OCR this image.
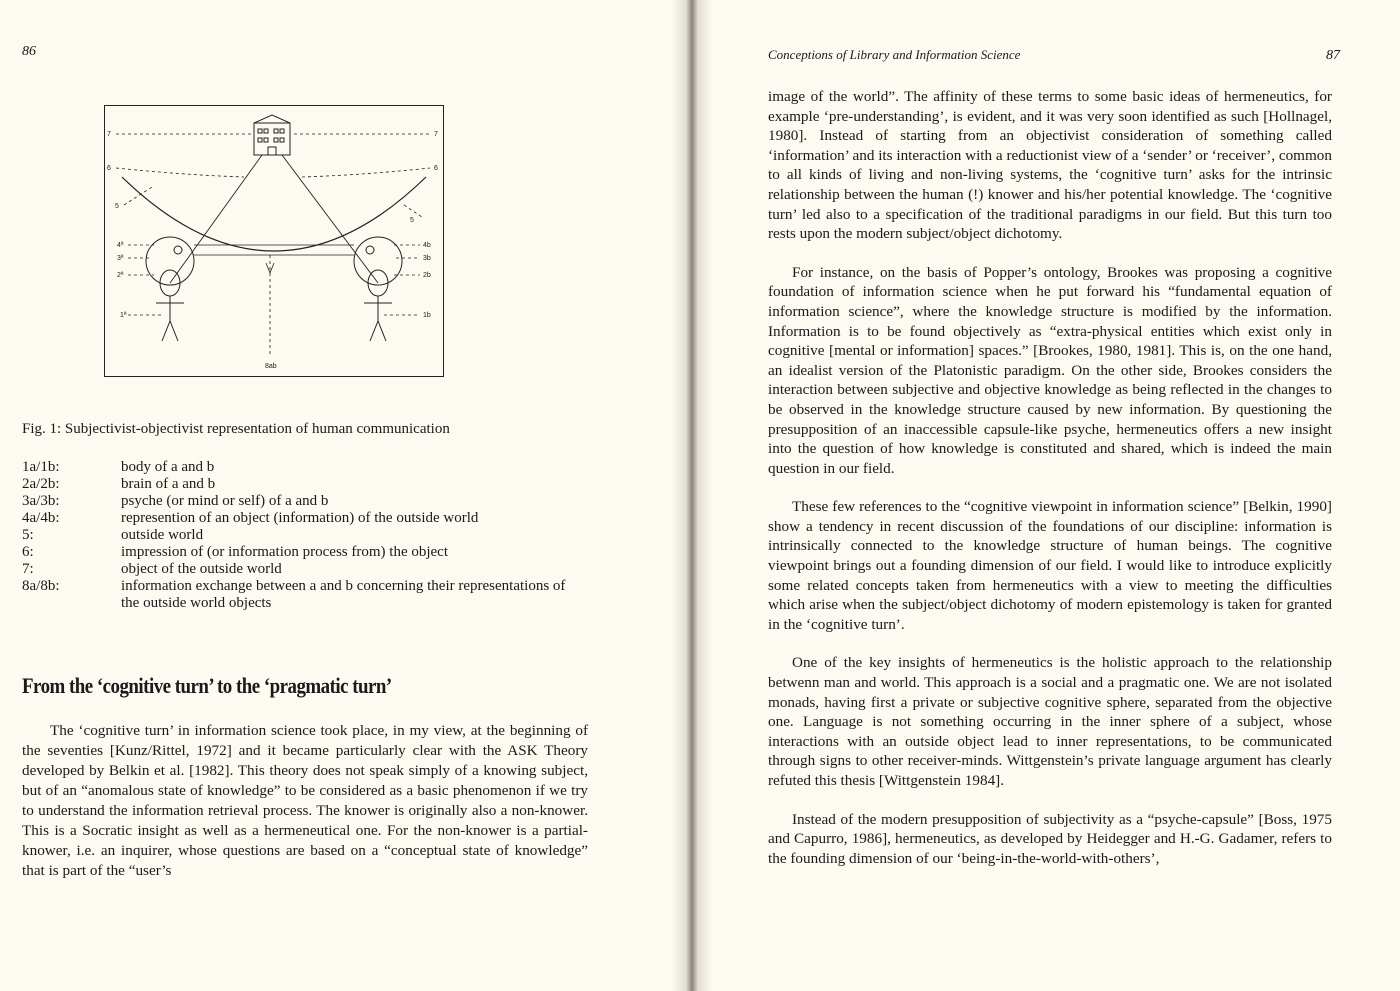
86
7
6
5
4ª
3ª
2ª
1ª
7
6
5
4b
3b
2b
1b
8ab
Fig. 1: Subjectivist-objectivist representation of human communication
1a/1b:	body of a and b
2a/2b:	brain of a and b
3a/3b:	psyche (or mind or self) of a and b
4a/4b:	represention of an object (information) of the outside world
5:	outside world
6:	impression of (or information process from) the object
7:	object of the outside world
8a/8b:	information exchange between a and b concerning their representations of the outside world objects
From the ‘cognitive turn’ to the ‘pragmatic turn’

The ‘cognitive turn’ in information science took place, in my view, at the beginning of the seventies [Kunz/Rittel, 1972] and it became particularly clear with the ASK Theory developed by Belkin et al. [1982]. This theory does not speak simply of a knowing subject, but of an “anomalous state of knowledge” to be considered as a basic phenomenon if we try to understand the information retrieval process. The knower is originally also a non-knower. This is a Socratic insight as well as a hermeneutical one. For the non-knower is a partial-knower, i.e. an inquirer, whose questions are based on a “conceptual state of knowledge” that is part of the “user’s

Conceptions of Library and Information Science	87

image of the world”. The affinity of these terms to some basic ideas of hermeneutics, for example ‘pre-understanding’, is evident, and it was very soon identified as such [Hollnagel, 1980]. Instead of starting from an objectivist consideration of something called ‘information’ and its interaction with a reductionist view of a ‘sender’ or ‘receiver’, common to all kinds of living and non-living systems, the ‘cognitive turn’ asks for the intrinsic relationship between the human (!) knower and his/her potential knowledge. The ‘cognitive turn’ led also to a specification of the traditional paradigms in our field. But this turn too rests upon the modern subject/object dichotomy.

For instance, on the basis of Popper’s ontology, Brookes was proposing a cognitive foundation of information science when he put forward his “fundamental equation of information science”, where the knowledge structure is modified by the information. Information is to be found objectively as “extra-physical entities which exist only in cognitive [mental or information] spaces.” [Brookes, 1980, 1981]. This is, on the one hand, an idealist version of the Platonistic paradigm. On the other side, Brookes considers the interaction between subjective and objective knowledge as being reflected in the changes to be observed in the knowledge structure caused by new information. By questioning the presupposition of an inaccessible capsule-like psyche, hermeneutics offers a new insight into the question of how knowledge is constituted and shared, which is indeed the main question in our field.

These few references to the “cognitive viewpoint in information science” [Belkin, 1990] show a tendency in recent discussion of the foundations of our discipline: information is intrinsically connected to the knowledge structure of human beings. The cognitive viewpoint brings out a founding dimension of our field. I would like to introduce explicitly some related concepts taken from hermeneutics with a view to meeting the difficulties which arise when the subject/object dichotomy of modern epistemology is taken for granted in the ‘cognitive turn’.

One of the key insights of hermeneutics is the holistic approach to the relationship betwenn man and world. This approach is a social and a pragmatic one. We are not isolated monads, having first a private or subjective cognitive sphere, separated from the objective one. Language is not something occurring in the inner sphere of a subject, whose interactions with an outside object lead to inner representations, to be communicated through signs to other receiver-minds. Wittgenstein’s private language argument has clearly refuted this thesis [Wittgenstein 1984].

Instead of the modern presupposition of subjectivity as a “psyche-capsule” [Boss, 1975 and Capurro, 1986], hermeneutics, as developed by Heidegger and H.-G. Gadamer, refers to the founding dimension of our ‘being-in-the-world-with-others’,
